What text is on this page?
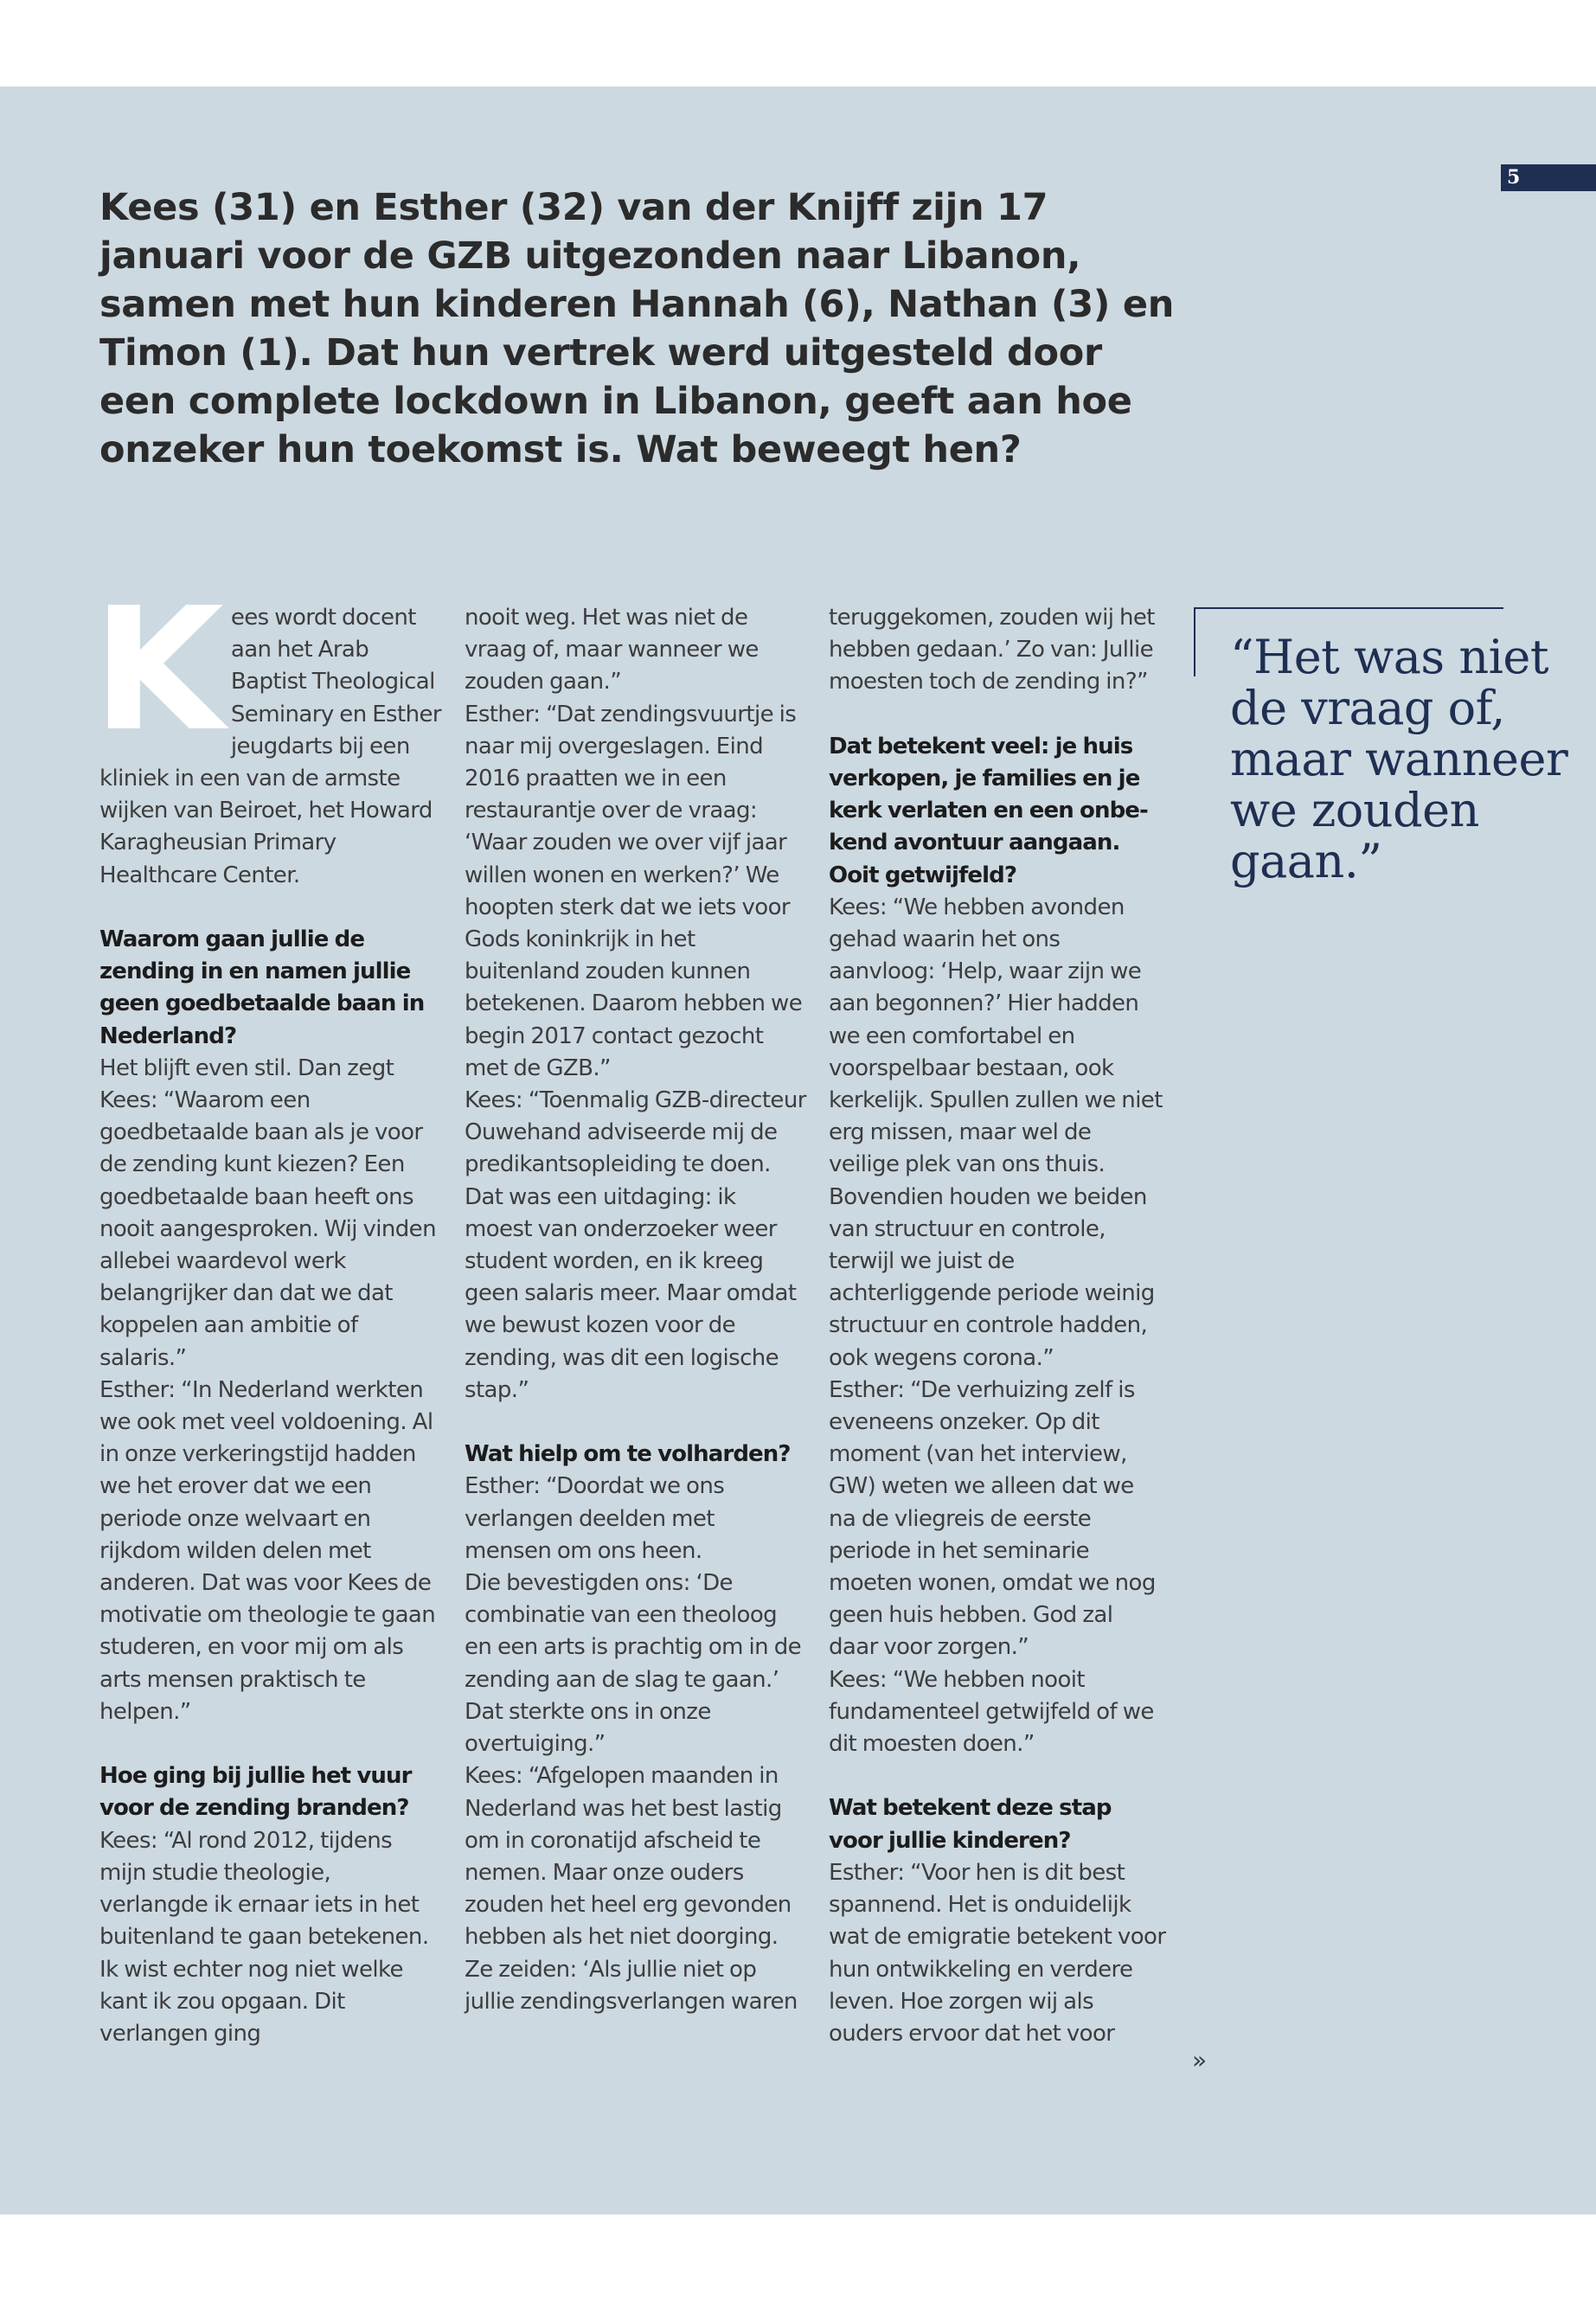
5

Kees (31) en Esther (32) van der Knijff zijn 17 januari voor de GZB uitgezonden naar Libanon, samen met hun kinderen Hannah (6), Nathan (3) en Timon (1). Dat hun vertrek werd uitgesteld door een complete lockdown in Libanon, geeft aan hoe onzeker hun toekomst is. Wat beweegt hen?

K ees wordt docent aan het Arab Baptist Theological Seminary en Esther jeugdarts bij een kliniek in een van de armste wijken van Beiroet, het Howard Karagheusian Primary Healthcare Center.

Waarom gaan jullie de zending in en namen jullie geen goedbetaalde baan in Nederland?

Het blijft even stil. Dan zegt Kees: “Waarom een goedbetaalde baan als je voor de zending kunt kiezen? Een goedbetaalde baan heeft ons nooit aangesproken. Wij vinden allebei waardevol werk belangrijker dan dat we dat koppelen aan ambitie of salaris.”

Esther: “In Nederland werkten we ook met veel voldoening. Al in onze verkeringstijd hadden we het erover dat we een periode onze welvaart en rijkdom wilden delen met anderen. Dat was voor Kees de motivatie om theologie te gaan studeren, en voor mij om als arts mensen praktisch te helpen.”

Hoe ging bij jullie het vuur voor de zending branden?

Kees: “Al rond 2012, tijdens mijn studie theologie, verlangde ik ernaar iets in het buitenland te gaan betekenen. Ik wist echter nog niet welke kant ik zou opgaan. Dit verlangen ging

nooit weg. Het was niet de vraag of, maar wanneer we zouden gaan.”

Esther: “Dat zendingsvuurtje is naar mij overgeslagen. Eind 2016 praatten we in een restaurantje over de vraag: ‘Waar zouden we over vijf jaar willen wonen en werken?’ We hoopten sterk dat we iets voor Gods koninkrijk in het buitenland zouden kunnen betekenen. Daarom hebben we begin 2017 contact gezocht met de GZB.”

Kees: “Toenmalig GZB-directeur Ouwehand adviseerde mij de predikantsopleiding te doen. Dat was een uitdaging: ik moest van onderzoeker weer student worden, en ik kreeg geen salaris meer. Maar omdat we bewust kozen voor de zending, was dit een logische stap.”

Wat hielp om te volharden?

Esther: “Doordat we ons verlangen deelden met mensen om ons heen.

Die bevestigden ons: ‘De combinatie van een theoloog en een arts is prachtig om in de zending aan de slag te gaan.’ Dat sterkte ons in onze overtuiging.”

Kees: “Afgelopen maanden in Nederland was het best lastig om in coronatijd afscheid te nemen. Maar onze ouders zouden het heel erg gevonden hebben als het niet doorging. Ze zeiden: ‘Als jullie niet op jullie zendingsverlangen waren

teruggekomen, zouden wij het hebben gedaan.’ Zo van: Jullie moesten toch de zending in?”

Dat betekent veel: je huis verkopen, je families en je kerk verlaten en een onbe-kend avontuur aangaan. Ooit getwijfeld?

Kees: “We hebben avonden gehad waarin het ons aanvloog: ‘Help, waar zijn we aan begonnen?’ Hier hadden we een comfortabel en voorspelbaar bestaan, ook kerkelijk. Spullen zullen we niet erg missen, maar wel de veilige plek van ons thuis. Bovendien houden we beiden van structuur en controle, terwijl we juist de achterliggende periode weinig structuur en controle hadden, ook wegens corona.”

Esther: “De verhuizing zelf is eveneens onzeker. Op dit moment (van het interview, GW) weten we alleen dat we na de vliegreis de eerste periode in het seminarie moeten wonen, omdat we nog geen huis hebben. God zal daar voor zorgen.”

Kees: “We hebben nooit fundamenteel getwijfeld of we dit moesten doen.”

Wat betekent deze stap voor jullie kinderen?

Esther: “Voor hen is dit best spannend. Het is onduidelijk wat de emigratie betekent voor hun ontwikkeling en verdere leven. Hoe zorgen wij als ouders ervoor dat het voor

“Het was niet de vraag of, maar wanneer we zouden gaan.”

»
